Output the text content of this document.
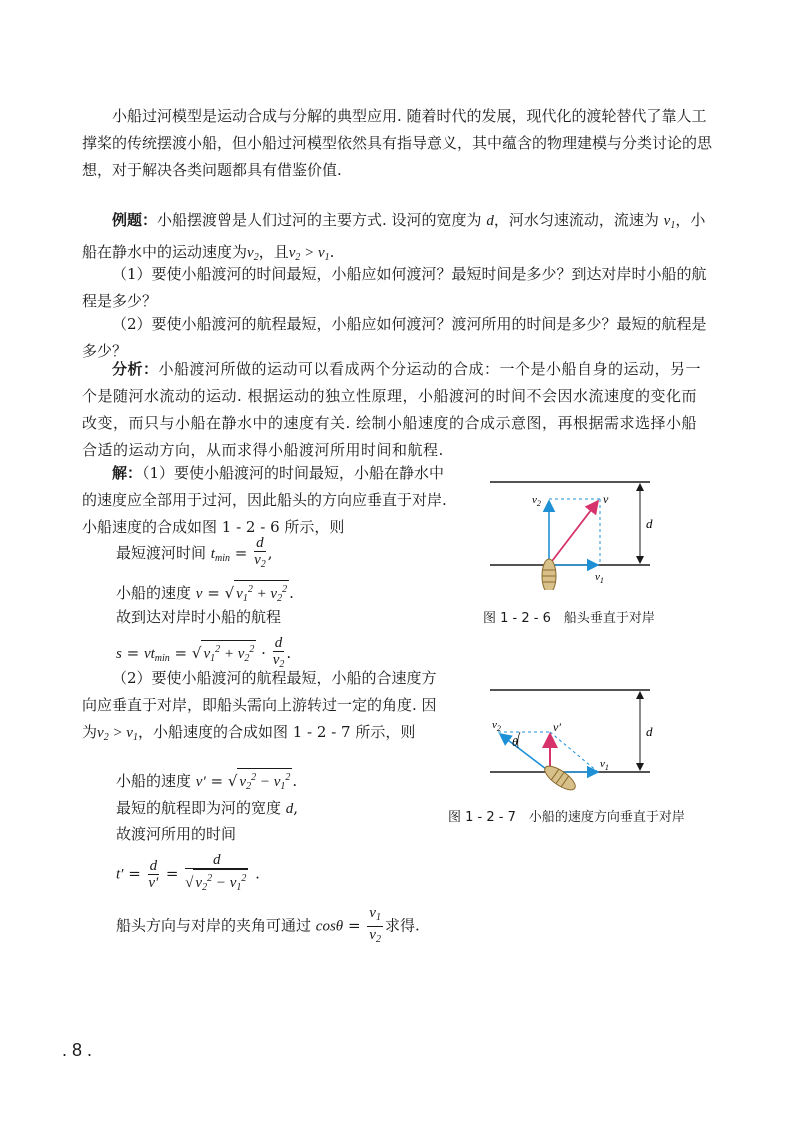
小船过河模型是运动合成与分解的典型应用. 随着时代的发展，现代化的渡轮替代了靠人工撑桨的传统摆渡小船，但小船过河模型依然具有指导意义，其中蕴含的物理建模与分类讨论的思想，对于解决各类问题都具有借鉴价值.
例题：小船摆渡曾是人们过河的主要方式. 设河的宽度为 d，河水匀速流动，流速为 $v_1$，小船在静水中的运动速度为$v_2$，且$v_2 > v_1$.
（1）要使小船渡河的时间最短，小船应如何渡河？最短时间是多少？到达对岸时小船的航程是多少？
（2）要使小船渡河的航程最短，小船应如何渡河？渡河所用的时间是多少？最短的航程是多少？
分析：小船渡河所做的运动可以看成两个分运动的合成：一个是小船自身的运动，另一个是随河水流动的运动. 根据运动的独立性原理，小船渡河的时间不会因水流速度的变化而改变，而只与小船在静水中的速度有关. 绘制小船速度的合成示意图，再根据需求选择小船合适的运动方向，从而求得小船渡河所用时间和航程.
解：（1）要使小船渡河的时间最短，小船在静水中的速度应全部用于过河，因此船头的方向应垂直于对岸. 小船速度的合成如图 1 - 2 - 6 所示，则
最短渡河时间 $t_{min} = \frac{d}{v_2}$ ,
小船的速度 v = √ $v_1^2 + v_2^2$ .
故到达对岸时小船的航程
$s = vt_{min}$ = √ $v_1^2 + v_2^2 \cdot \frac{d}{v_2}$ .
（2）要使小船渡河的航程最短，小船的合速度方向应垂直于对岸，即船头需向上游转过一定的角度. 因为$v_2 > v_1$，小船速度的合成如图 1 - 2 - 7 所示，则
小船的速度 v′ = √ $v_2^2 - v_1^2$ .
最短的航程即为河的宽度 d,
故渡河所用的时间
$t' = \frac{d}{v'} = \frac{d}{√ v_2^2 - v_1^2}$ .
船头方向与对岸的夹角可通过 $\cos\theta = \frac{v_1}{v_2}$ 求得.
$v_2$	v
$v_1$
d
图 1 - 2 - 6　船头垂直于对岸
$v_2$	v′
θ
$v_1$
d
图 1 - 2 - 7　小船的速度方向垂直于对岸
. 8 .
